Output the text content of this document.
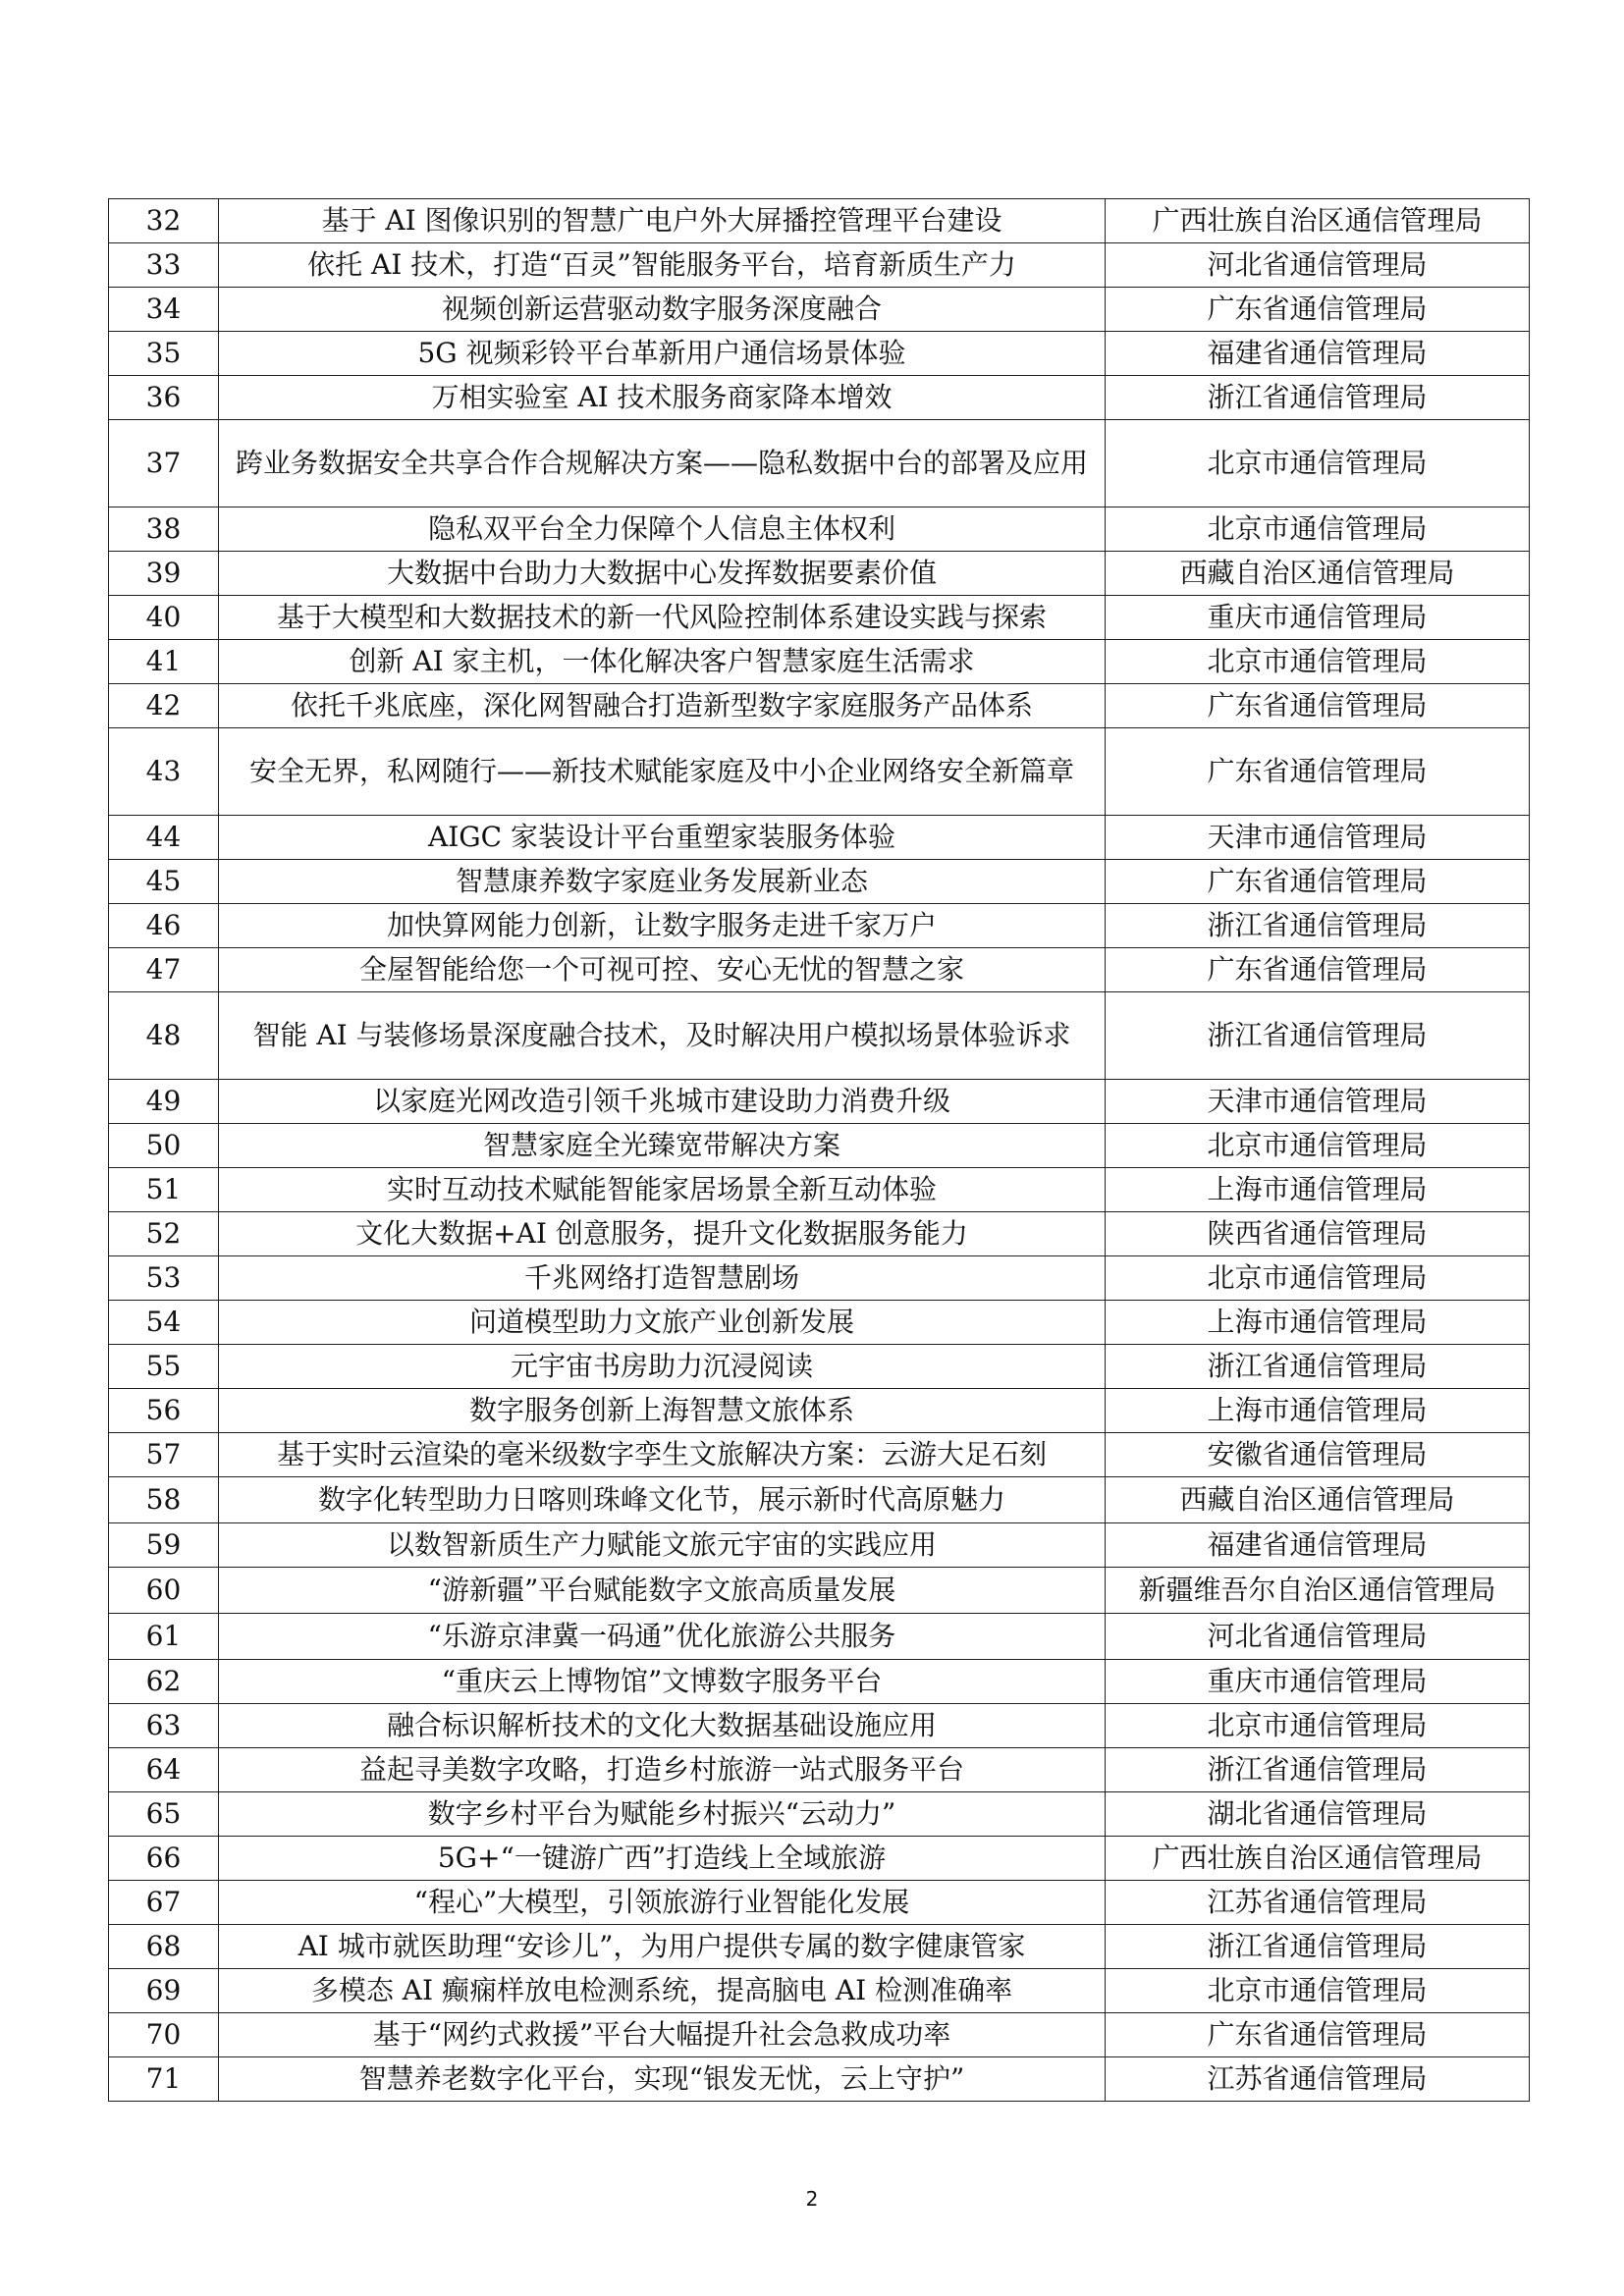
32	基于 AI 图像识别的智慧广电户外大屏播控管理平台建设	广西壮族自治区通信管理局
33	依托 AI 技术，打造“百灵”智能服务平台，培育新质生产力	河北省通信管理局
34	视频创新运营驱动数字服务深度融合	广东省通信管理局
35	5G 视频彩铃平台革新用户通信场景体验	福建省通信管理局
36	万相实验室 AI 技术服务商家降本增效	浙江省通信管理局
37	跨业务数据安全共享合作合规解决方案——隐私数据中台的部署及应用	北京市通信管理局
38	隐私双平台全力保障个人信息主体权利	北京市通信管理局
39	大数据中台助力大数据中心发挥数据要素价值	西藏自治区通信管理局
40	基于大模型和大数据技术的新一代风险控制体系建设实践与探索	重庆市通信管理局
41	创新 AI 家主机，一体化解决客户智慧家庭生活需求	北京市通信管理局
42	依托千兆底座，深化网智融合打造新型数字家庭服务产品体系	广东省通信管理局
43	安全无界，私网随行——新技术赋能家庭及中小企业网络安全新篇章	广东省通信管理局
44	AIGC 家装设计平台重塑家装服务体验	天津市通信管理局
45	智慧康养数字家庭业务发展新业态	广东省通信管理局
46	加快算网能力创新，让数字服务走进千家万户	浙江省通信管理局
47	全屋智能给您一个可视可控、安心无忧的智慧之家	广东省通信管理局
48	智能 AI 与装修场景深度融合技术，及时解决用户模拟场景体验诉求	浙江省通信管理局
49	以家庭光网改造引领千兆城市建设助力消费升级	天津市通信管理局
50	智慧家庭全光臻宽带解决方案	北京市通信管理局
51	实时互动技术赋能智能家居场景全新互动体验	上海市通信管理局
52	文化大数据+AI 创意服务，提升文化数据服务能力	陕西省通信管理局
53	千兆网络打造智慧剧场	北京市通信管理局
54	问道模型助力文旅产业创新发展	上海市通信管理局
55	元宇宙书房助力沉浸阅读	浙江省通信管理局
56	数字服务创新上海智慧文旅体系	上海市通信管理局
57	基于实时云渲染的毫米级数字孪生文旅解决方案：云游大足石刻	安徽省通信管理局
58	数字化转型助力日喀则珠峰文化节，展示新时代高原魅力	西藏自治区通信管理局
59	以数智新质生产力赋能文旅元宇宙的实践应用	福建省通信管理局
60	“游新疆”平台赋能数字文旅高质量发展	新疆维吾尔自治区通信管理局
61	“乐游京津冀一码通”优化旅游公共服务	河北省通信管理局
62	“重庆云上博物馆”文博数字服务平台	重庆市通信管理局
63	融合标识解析技术的文化大数据基础设施应用	北京市通信管理局
64	益起寻美数字攻略，打造乡村旅游一站式服务平台	浙江省通信管理局
65	数字乡村平台为赋能乡村振兴“云动力”	湖北省通信管理局
66	5G+“一键游广西”打造线上全域旅游	广西壮族自治区通信管理局
67	“程心”大模型，引领旅游行业智能化发展	江苏省通信管理局
68	AI 城市就医助理“安诊儿”，为用户提供专属的数字健康管家	浙江省通信管理局
69	多模态 AI 癫痫样放电检测系统，提高脑电 AI 检测准确率	北京市通信管理局
70	基于“网约式救援”平台大幅提升社会急救成功率	广东省通信管理局
71	智慧养老数字化平台，实现“银发无忧，云上守护”	江苏省通信管理局
2
